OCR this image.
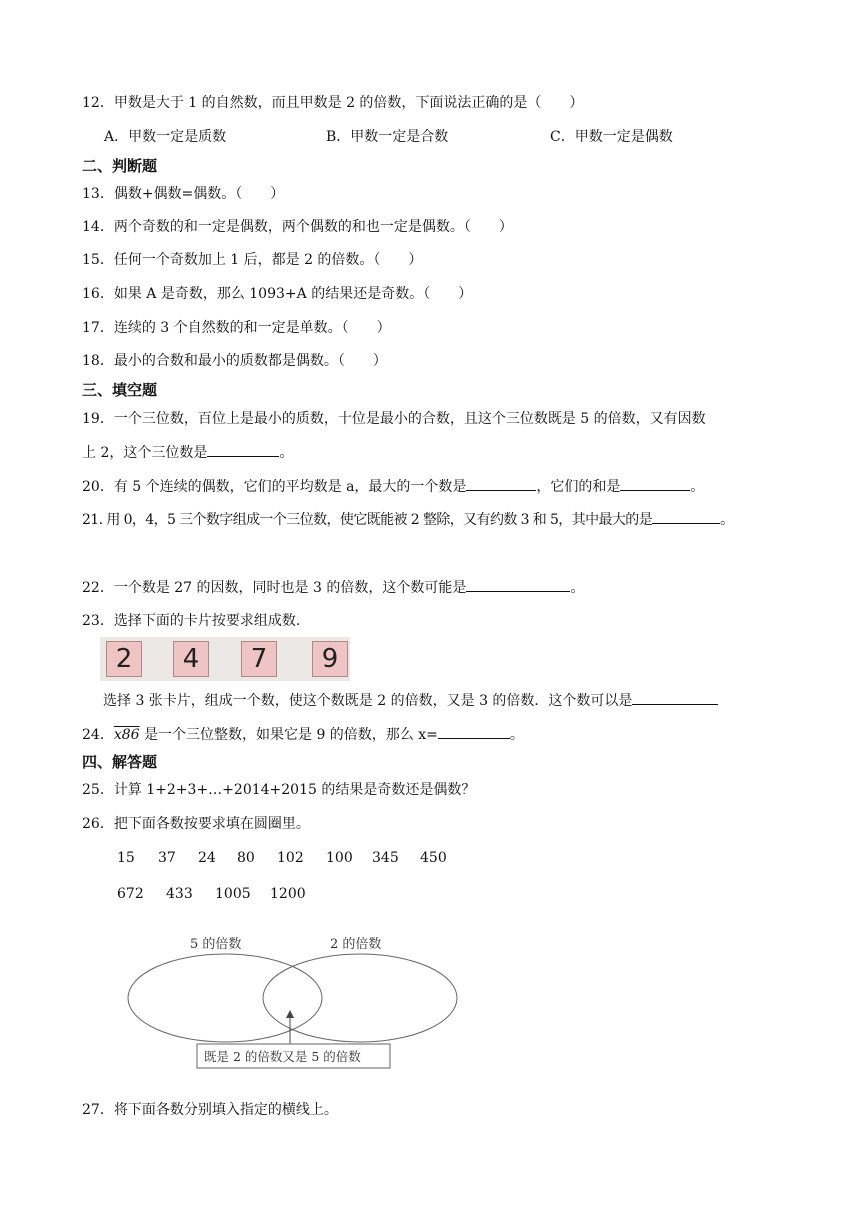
12．甲数是大于 1 的自然数，而且甲数是 2 的倍数，下面说法正确的是（　　）
A．甲数一定是质数	B．甲数一定是合数	C．甲数一定是偶数
二、判断题
13．偶数+偶数=偶数。（　　）
14．两个奇数的和一定是偶数，两个偶数的和也一定是偶数。（　　）
15．任何一个奇数加上 1 后，都是 2 的倍数。（　　）
16．如果 A 是奇数，那么 1093+A 的结果还是奇数。（　　）
17．连续的 3 个自然数的和一定是单数。（　　）
18．最小的合数和最小的质数都是偶数。（　　）
三、填空题
19．一个三位数，百位上是最小的质数，十位是最小的合数，且这个三位数既是 5 的倍数，又有因数
上 2，这个三位数是	。
20．有 5 个连续的偶数，它们的平均数是 a，最大的一个数是	，它们的和是	。
21. 用 0，4，5 三个数字组成一个三位数，使它既能被 2 整除，又有约数 3 和 5，其中最大的是	。
22．一个数是 27 的因数，同时也是 3 的倍数，这个数可能是	。
23．选择下面的卡片按要求组成数.
2	4	7	9
选择 3 张卡片，组成一个数，使这个数既是 2 的倍数，又是 3 的倍数．这个数可以是
24．x86 是一个三位整数，如果它是 9 的倍数，那么 x=	。
四、解答题
25．计算 1+2+3+…+2014+2015 的结果是奇数还是偶数？
26．把下面各数按要求填在圆圈里。
15 37 24 80 102 100 345 450
672 433 1005 1200
5 的倍数	2 的倍数
既是 2 的倍数又是 5 的倍数
27．将下面各数分别填入指定的横线上。
